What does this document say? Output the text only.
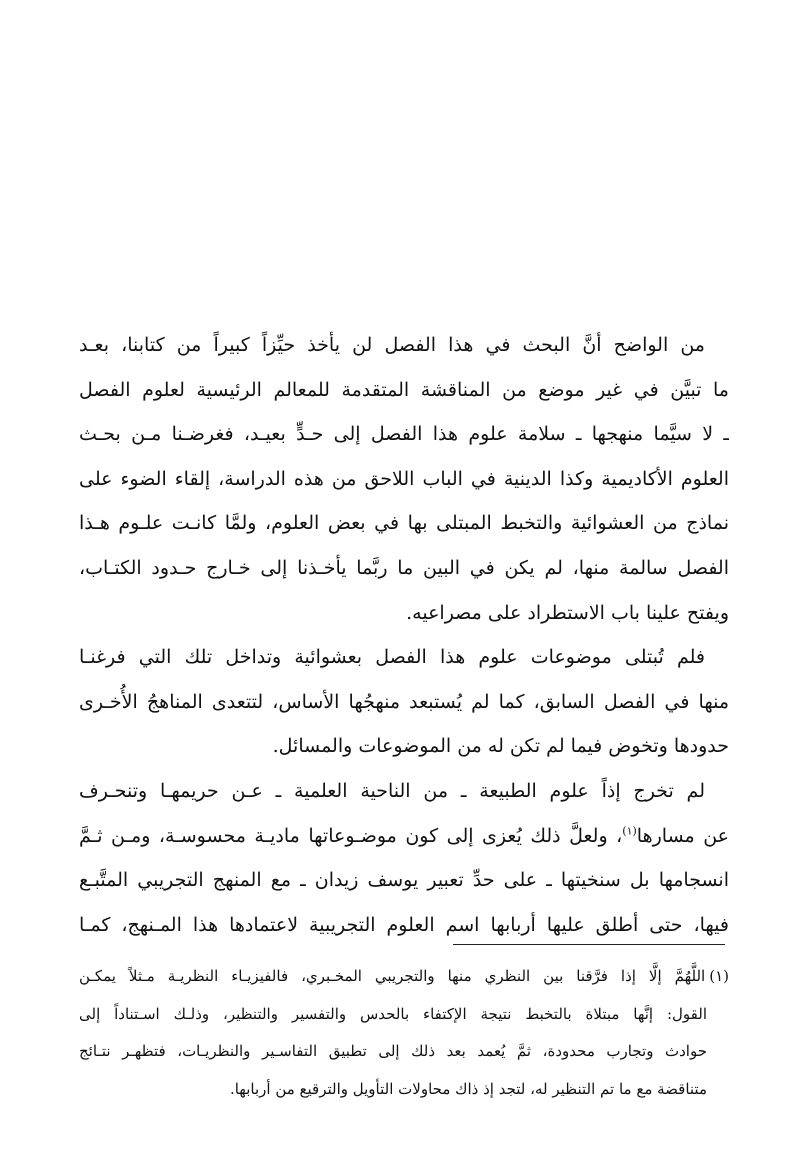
من الواضح أنَّ البحث في هذا الفصل لن يأخذ حيِّزاً كبيراً من كتابنا، بعـد
ما تبيَّن في غير موضع من المناقشة المتقدمة للمعالم الرئيسية لعلوم الفصل
ـ لا سيَّما منهجها ـ سلامة علوم هذا الفصل إلى حـدٍّ بعيـد، فغرضـنا مـن بحـث
العلوم الأكاديمية وكذا الدينية في الباب اللاحق من هذه الدراسة، إلقاء الضوء على
نماذج من العشوائية والتخبط المبتلى بها في بعض العلوم، ولمَّا كانـت علـوم هـذا
الفصل سالمة منها، لم يكن في البين ما ربَّما يأخـذنا إلى خـارج حـدود الكتـاب،
ويفتح علينا باب الاستطراد على مصراعيه.
فلم تُبتلى موضوعات علوم هذا الفصل بعشوائية وتداخل تلك التي فرغنـا
منها في الفصل السابق، كما لم يُستبعد منهجُها الأساس، لتتعدى المناهجُ الأُخـرى
حدودها وتخوض فيما لم تكن له من الموضوعات والمسائل.
لم تخرج إذاً علوم الطبيعة ـ من الناحية العلمية ـ عـن حريمهـا وتنحـرف
عن مسارها$^{(١)}$، ولعلَّ ذلك يُعزى إلى كون موضـوعاتها ماديـة محسوسـة، ومـن ثـمَّ
انسجامها بل سنخيتها ـ على حدِّ تعبير يوسف زيدان ـ مع المنهج التجريبي المتَّبـع
فيها، حتى أطلق عليها أربابها اسم العلوم التجريبية لاعتمادها هذا المـنهج، كمـا
(١)اللَّهُمَّ إلَّا إذا فرَّقنا بين النظري منها والتجريبي المخـبري، فالفيزيـاء النظريـة مـثلاً يمكـن
القول: إنَّها مبتلاة بالتخبط نتيجة الإكتفاء بالحدس والتفسير والتنظير، وذلـك اسـتناداً إلى
حوادث وتجارب محدودة، ثمَّ يُعمد بعد ذلك إلى تطبيق التفاسـير والنظريـات، فتظهـر نتـائج
متناقضة مع ما تم التنظير له، لتجد إذ ذاك محاولات التأويل والترقيع من أربابها.
